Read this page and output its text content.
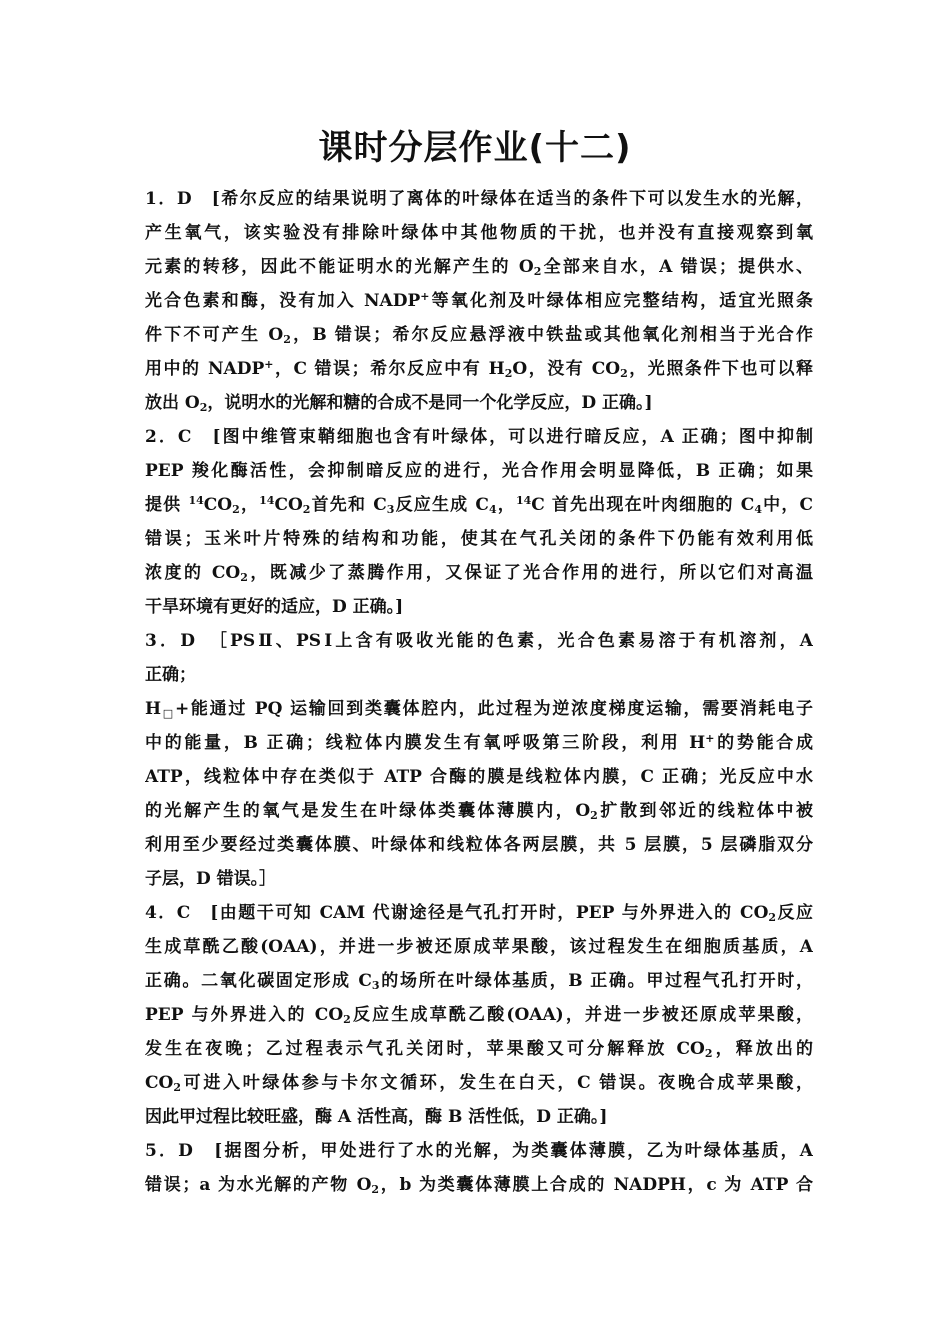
课时分层作业(十二)
1．D　[希尔反应的结果说明了离体的叶绿体在适当的条件下可以发生水的光解，
产生氧气，该实验没有排除叶绿体中其他物质的干扰，也并没有直接观察到氧
元素的转移，因此不能证明水的光解产生的 $O_2$全部来自水，A 错误；提供水、
光合色素和酶，没有加入 NADP+等氧化剂及叶绿体相应完整结构，适宜光照条
件下不可产生 $O_2$，B 错误；希尔反应悬浮液中铁盐或其他氧化剂相当于光合作
用中的 NADP+，C 错误；希尔反应中有 $H_2O$，没有 $CO_2$，光照条件下也可以释
放出 $O_2$，说明水的光解和糖的合成不是同一个化学反应，D 正确。]
2．C　[图中维管束鞘细胞也含有叶绿体，可以进行暗反应，A 正确；图中抑制
PEP 羧化酶活性，会抑制暗反应的进行，光合作用会明显降低，B 正确；如果
提供 $^{14}CO_2$，$^{14}CO_2$首先和 $C_3$反应生成 $C_4$，$^{14}$C 首先出现在叶肉细胞的 $C_4$中，C
错误；玉米叶片特殊的结构和功能，使其在气孔关闭的条件下仍能有效利用低
浓度的 $CO_2$，既减少了蒸腾作用，又保证了光合作用的进行，所以它们对高温
干旱环境有更好的适应，D 正确。]
3．D　［PSⅡ、PSⅠ上含有吸收光能的色素，光合色素易溶于有机溶剂，A
正确；
$H_□+$能通过 PQ 运输回到类囊体腔内，此过程为逆浓度梯度运输，需要消耗电子
中的能量，B 正确；线粒体内膜发生有氧呼吸第三阶段，利用 H+的势能合成
ATP，线粒体中存在类似于 ATP 合酶的膜是线粒体内膜，C 正确；光反应中水
的光解产生的氧气是发生在叶绿体类囊体薄膜内，$O_2$扩散到邻近的线粒体中被
利用至少要经过类囊体膜、叶绿体和线粒体各两层膜，共 5 层膜，5 层磷脂双分
子层，D 错误。］
4．C　[由题干可知 CAM 代谢途径是气孔打开时，PEP 与外界进入的 $CO_2$反应
生成草酰乙酸(OAA)，并进一步被还原成苹果酸，该过程发生在细胞质基质，A
正确。二氧化碳固定形成 $C_3$的场所在叶绿体基质，B 正确。甲过程气孔打开时，
PEP 与外界进入的 $CO_2$反应生成草酰乙酸(OAA)，并进一步被还原成苹果酸，
发生在夜晚；乙过程表示气孔关闭时，苹果酸又可分解释放 $CO_2$，释放出的
$CO_2$可进入叶绿体参与卡尔文循环，发生在白天，C 错误。夜晚合成苹果酸，
因此甲过程比较旺盛，酶 A 活性高，酶 B 活性低，D 正确。]
5．D　[据图分析，甲处进行了水的光解，为类囊体薄膜，乙为叶绿体基质，A
错误；a 为水光解的产物 $O_2$，b 为类囊体薄膜上合成的 NADPH，c 为 ATP 合
